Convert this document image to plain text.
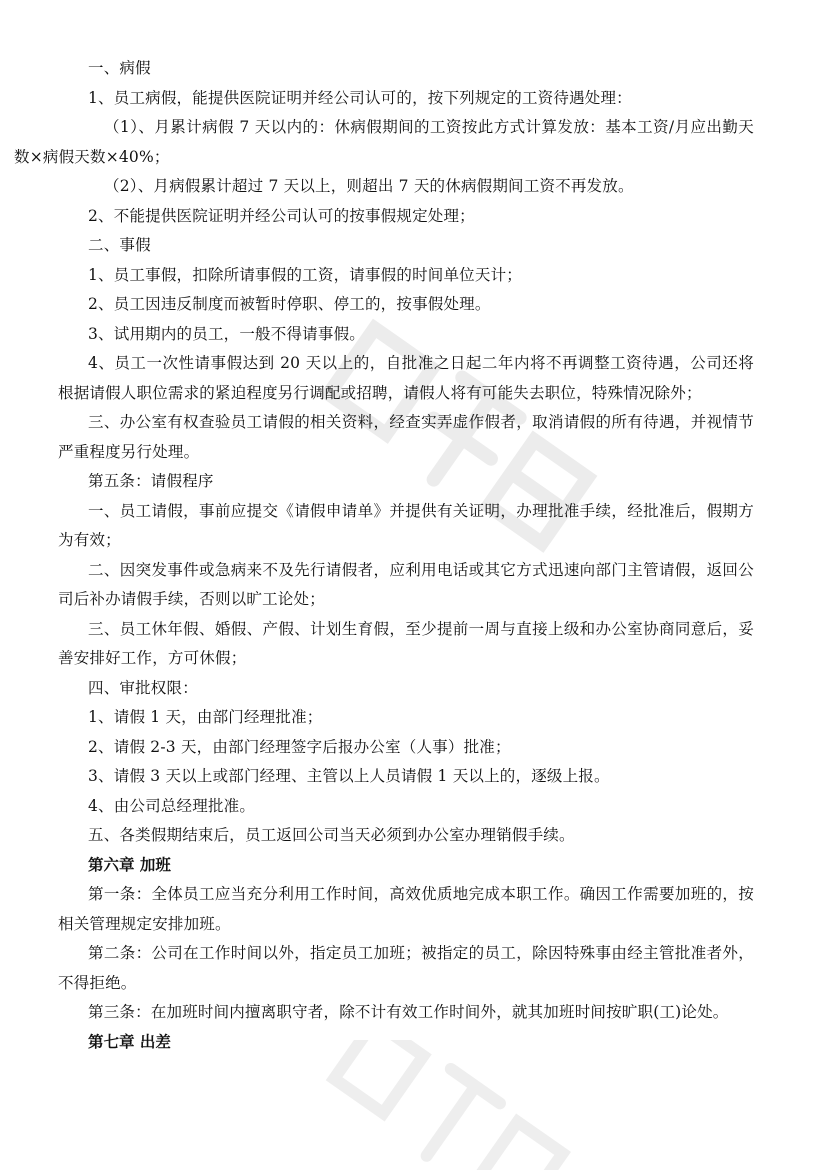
一、病假

1、员工病假，能提供医院证明并经公司认可的，按下列规定的工资待遇处理：

（1）、月累计病假 7 天以内的：休病假期间的工资按此方式计算发放：基本工资/月应出勤天数×病假天数×40%；

（2）、月病假累计超过 7 天以上，则超出 7 天的休病假期间工资不再发放。

2、不能提供医院证明并经公司认可的按事假规定处理；

二、事假

1、员工事假，扣除所请事假的工资，请事假的时间单位天计；

2、员工因违反制度而被暂时停职、停工的，按事假处理。

3、试用期内的员工，一般不得请事假。

4、员工一次性请事假达到 20 天以上的，自批准之日起二年内将不再调整工资待遇，公司还将根据请假人职位需求的紧迫程度另行调配或招聘，请假人将有可能失去职位，特殊情况除外；

三、办公室有权查验员工请假的相关资料，经查实弄虚作假者，取消请假的所有待遇，并视情节严重程度另行处理。

第五条：请假程序

一、员工请假，事前应提交《请假申请单》并提供有关证明，办理批准手续，经批准后，假期方为有效；

二、因突发事件或急病来不及先行请假者，应利用电话或其它方式迅速向部门主管请假，返回公司后补办请假手续，否则以旷工论处；

三、员工休年假、婚假、产假、计划生育假，至少提前一周与直接上级和办公室协商同意后，妥善安排好工作，方可休假；

四、审批权限：

1、请假 1 天，由部门经理批准；

2、请假 2-3 天，由部门经理签字后报办公室（人事）批准；

3、请假 3 天以上或部门经理、主管以上人员请假 1 天以上的，逐级上报。

4、由公司总经理批准。

五、各类假期结束后，员工返回公司当天必须到办公室办理销假手续。

第六章 加班

第一条：全体员工应当充分利用工作时间，高效优质地完成本职工作。确因工作需要加班的，按相关管理规定安排加班。

第二条：公司在工作时间以外，指定员工加班；被指定的员工，除因特殊事由经主管批准者外，不得拒绝。

第三条：在加班时间内擅离职守者，除不计有效工作时间外，就其加班时间按旷职(工)论处。

第七章 出差
